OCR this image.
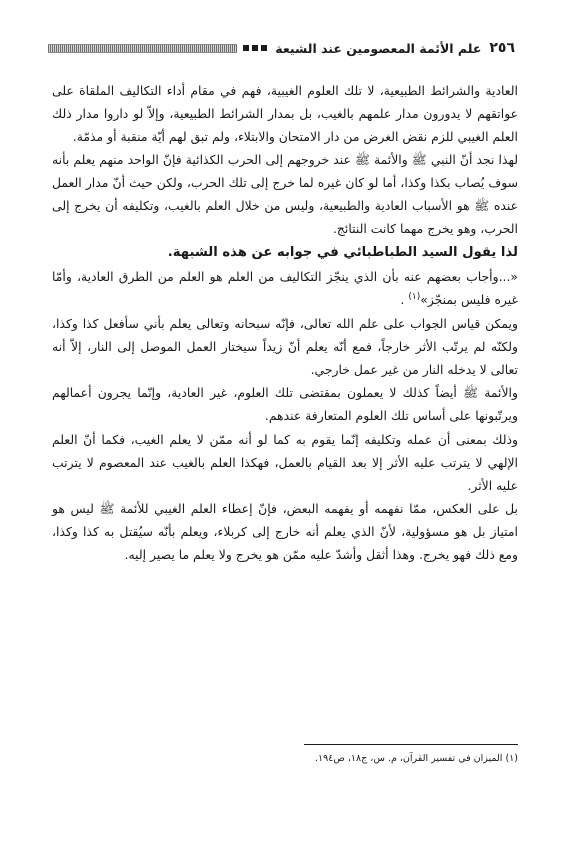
٢٥٦
علم الأئمة المعصومين عند الشيعة

العادية والشرائط الطبيعية، لا تلك العلوم الغيبية، فهم في مقام أداء التكاليف الملقاة على عواتقهم لا يدورون مدار علمهم بالغيب، بل بمدار الشرائط الطبيعية، وإلاّ لو داروا مدار ذلك العلم الغيبي للزم نقض الغرض من دار الامتحان والابتلاء، ولم تبق لهم أيّة منقبة أو مذمّة.

لهذا نجد أنّ النبي ﷺ والأئمة ﷺ عند خروجهم إلى الحرب الكذائية فإنّ الواحد منهم يعلم بأنه سوف يُصاب بكذا وكذا، أما لو كان غيره لما خرج إلى تلك الحرب، ولكن حيث أنّ مدار العمل عنده ﷺ هو الأسباب العادية والطبيعية، وليس من خلال العلم بالغيب، وتكليفه أن يخرج إلى الحرب، وهو يخرج مهما كانت النتائج.

لذا يقول السيد الطباطبائي في جوابه عن هذه الشبهة.

«...وأجاب بعضهم عنه بأن الذي ينجّز التكاليف من العلم هو العلم من الطرق العادية، وأمّا غيره فليس بمنجّز»$^{(١)}$ .

ويمكن قياس الجواب على علم الله تعالى، فإنّه سبحانه وتعالى يعلم بأني سأفعل كذا وكذا، ولكنّه لم يرتّب الأثر خارجاً، فمع أنّه يعلم أنّ زيداً سيختار العمل الموصل إلى النار، إلاّ أنه تعالى لا يدخله النار من غير عمل خارجي.

والأئمة ﷺ أيضاً كذلك لا يعملون بمقتضى تلك العلوم، غير العادية، وإنّما يجرون أعمالهم ويرتّبونها على أساس تلك العلوم المتعارفة عندهم.

وذلك بمعنى أن عمله وتكليفه إنّما يقوم به كما لو أنه ممّن لا يعلم الغيب، فكما أنّ العلم الإلهي لا يترتب عليه الأثر إلا بعد القيام بالعمل، فهكذا العلم بالغيب عند المعصوم لا يترتب عليه الأثر.

بل على العكس، ممّا نفهمه أو يفهمه البعض، فإنّ إعطاء العلم الغيبي للأئمة ﷺ ليس هو امتياز بل هو مسؤولية، لأنّ الذي يعلم أنه خارج إلى كربلاء، ويعلم بأنّه سيُقتل به كذا وكذا، ومع ذلك فهو يخرج. وهذا أثقل وأشدّ عليه ممّن هو يخرج ولا يعلم ما يصير إليه.

(١) الميزان في تفسير القرآن، م. س، ج١٨، ص١٩٤.
